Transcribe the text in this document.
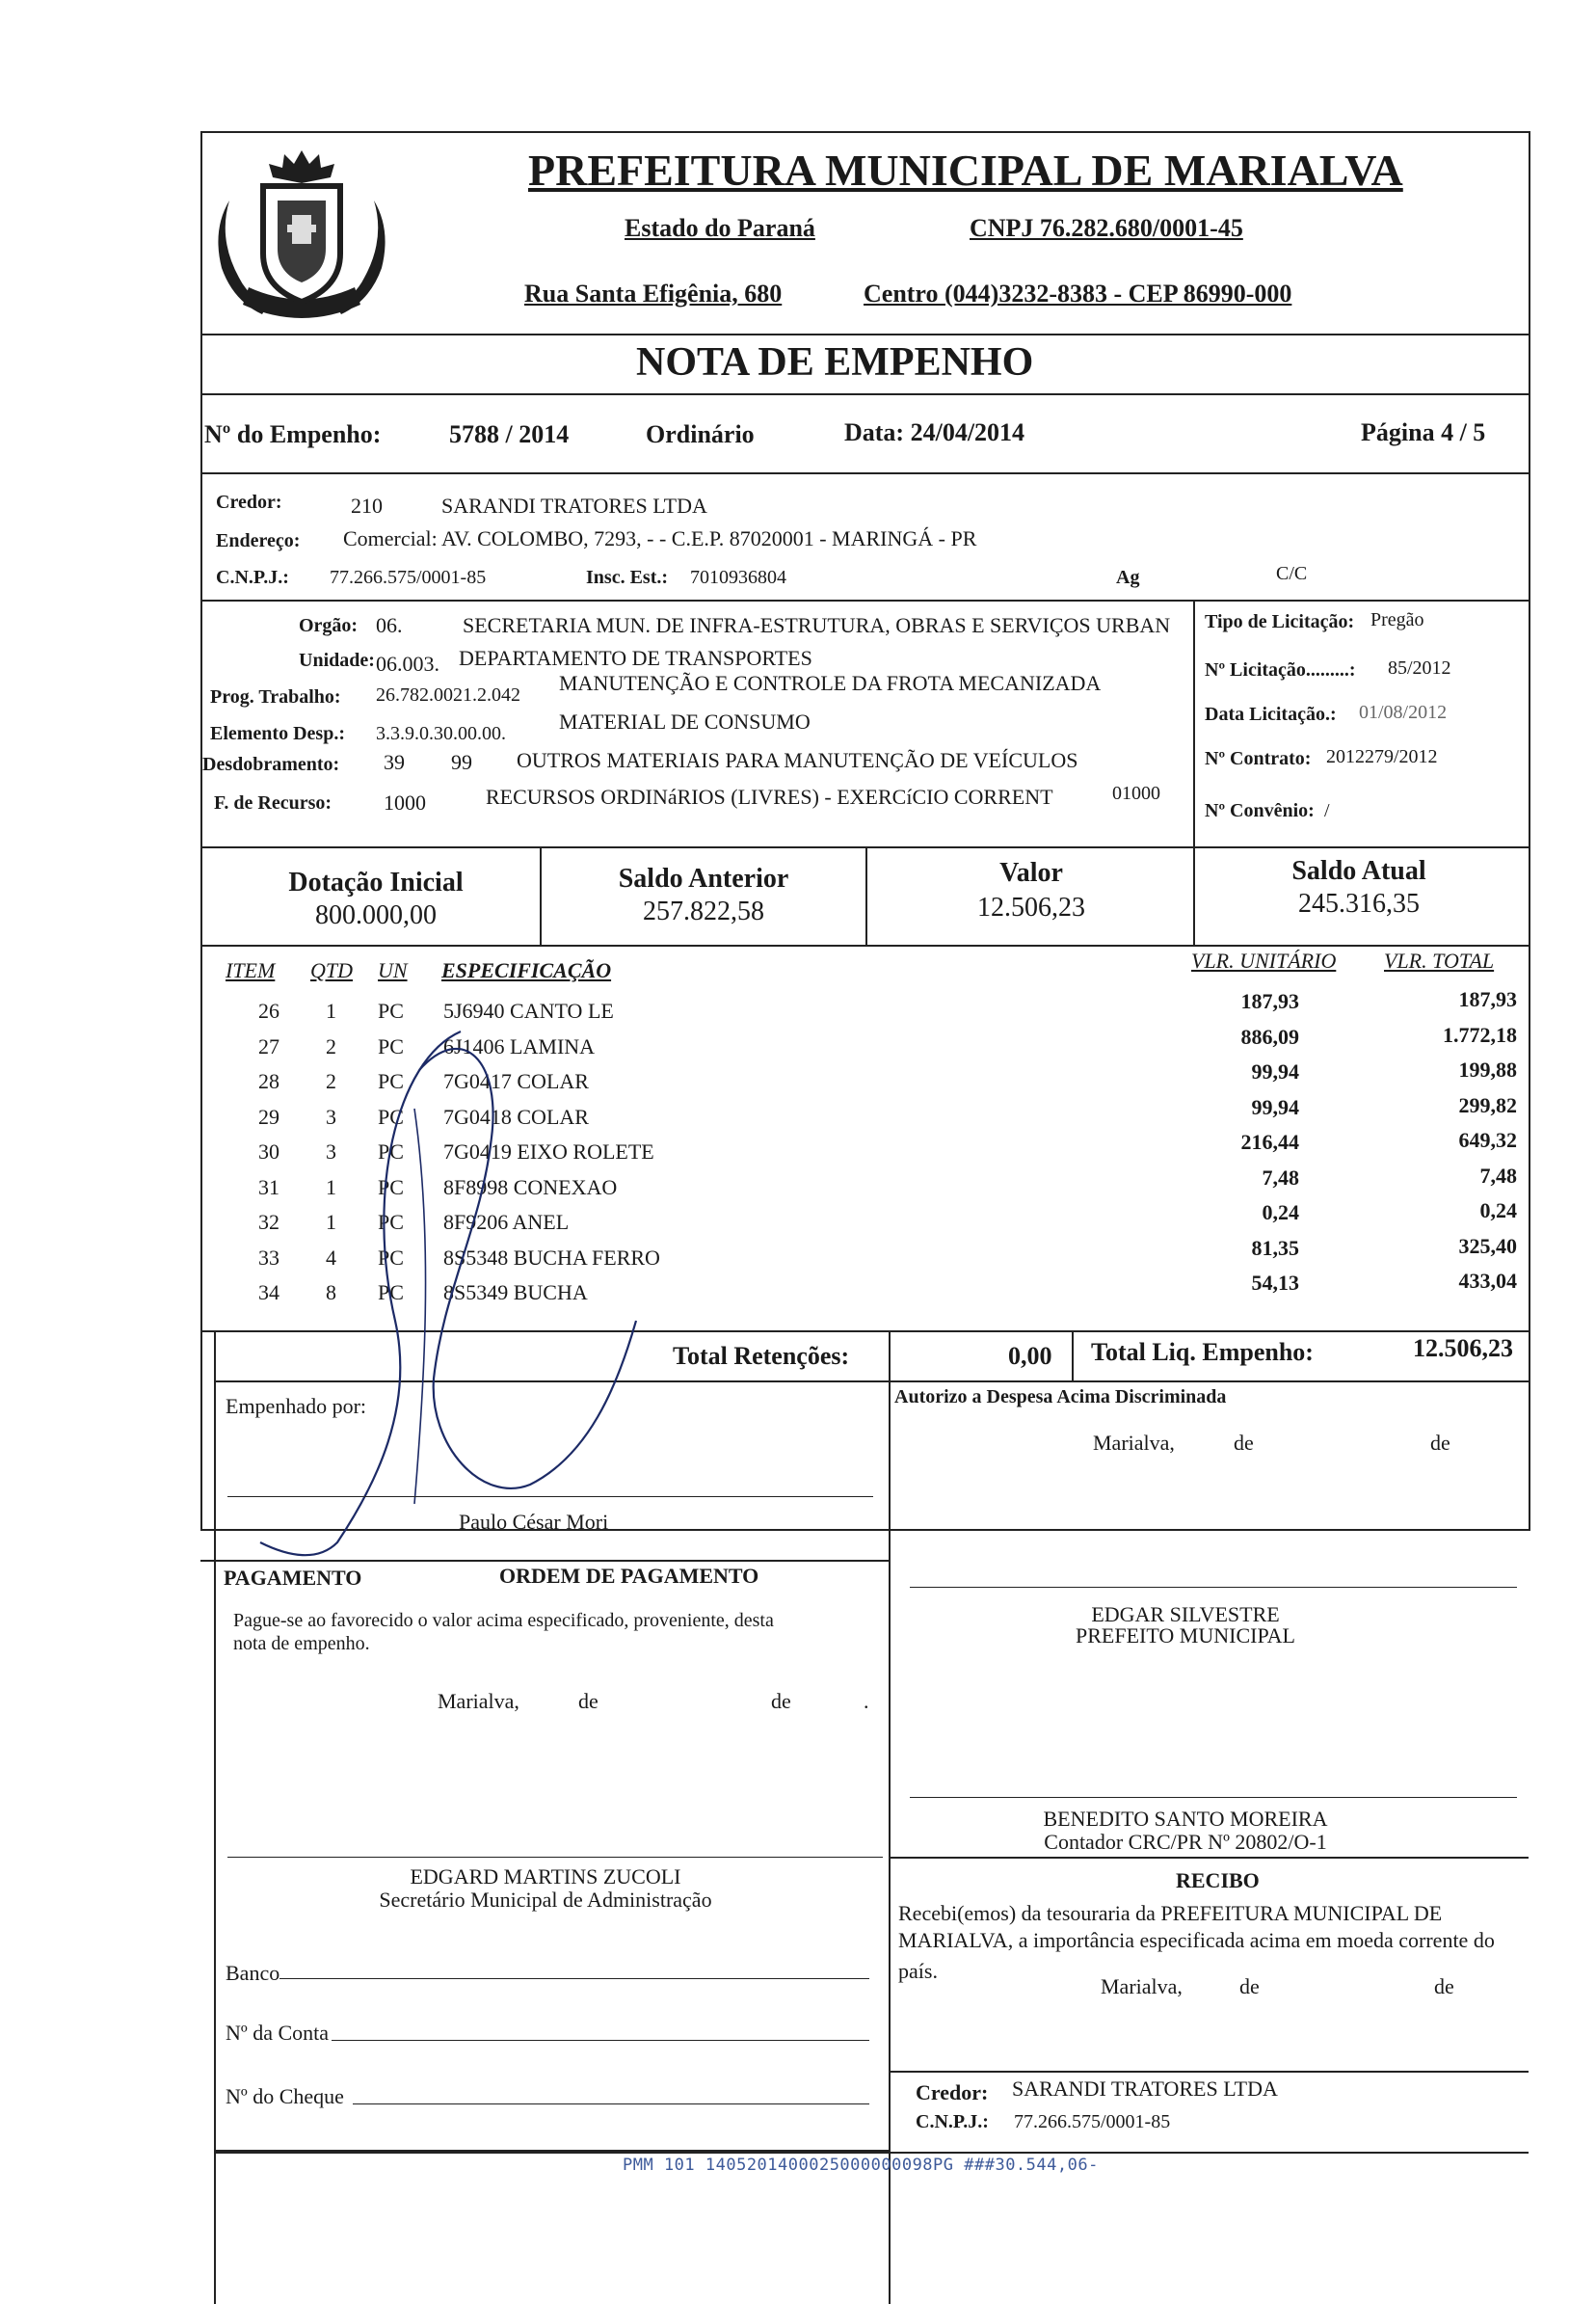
PREFEITURA MUNICIPAL DE MARIALVA
Estado do Paraná	CNPJ 76.282.680/0001-45
Rua Santa Efigênia, 680	Centro (044)3232-8383 - CEP 86990-000
NOTA DE EMPENHO
Nº do Empenho:	5788 / 2014	Ordinário	Data: 24/04/2014	Página 4 / 5
Credor:	210	SARANDI TRATORES LTDA
Endereço: Comercial: AV. COLOMBO, 7293, - - C.E.P. 87020001 - MARINGÁ - PR
C.N.P.J.: 77.266.575/0001-85	Insc. Est.: 7010936804	Ag	C/C
Orgão: 06.	SECRETARIA MUN. DE INFRA-ESTRUTURA, OBRAS E SERVIÇOS URBAN
Unidade: 06.003. DEPARTAMENTO DE TRANSPORTES
Prog. Trabalho: 26.782.0021.2.042 MANUTENÇÃO E CONTROLE DA FROTA MECANIZADA
Elemento Desp.: 3.3.9.0.30.00.00.	MATERIAL DE CONSUMO
Desdobramento: 39 99 OUTROS MATERIAIS PARA MANUTENÇÃO DE VEÍCULOS
F. de Recurso: 1000	RECURSOS ORDINáRIOS (LIVRES) - EXERCíCIO CORRENT	01000
Tipo de Licitação: Pregão
Nº Licitação.........: 85/2012
Data Licitação.: 01/08/2012
Nº Contrato: 2012279/2012
Nº Convênio: /
Dotação Inicial
800.000,00
Saldo Anterior
257.822,58
Valor
12.506,23
Saldo Atual
245.316,35
ITEM QTD UN ESPECIFICAÇÃO	VLR. UNITÁRIO VLR. TOTAL
26 1 PC 5J6940 CANTO LE	187,93	187,93
27 2 PC 6J1406 LAMINA	886,09	1.772,18
28 2 PC 7G0417 COLAR	99,94	199,88
29 3 PC 7G0418 COLAR	99,94	299,82
30 3 PC 7G0419 EIXO ROLETE	216,44	649,32
31 1 PC 8F8998 CONEXAO	7,48	7,48
32 1 PC 8F9206 ANEL	0,24	0,24
33 4 PC 8S5348 BUCHA FERRO	81,35	325,40
34 8 PC 8S5349 BUCHA	54,13	433,04
Total Retenções:	0,00 Total Liq. Empenho:	12.506,23
Empenhado por:
Paulo César Mori
Autorizo a Despesa Acima Discriminada
Marialva,	de	de
EDGAR SILVESTRE
PREFEITO MUNICIPAL
BENEDITO SANTO MOREIRA
Contador CRC/PR Nº 20802/O-1
EDGARD MARTINS ZUCOLI
Secretário Municipal de Administração
PAGAMENTO	ORDEM DE PAGAMENTO
Pague-se ao favorecido o valor acima especificado, proveniente, desta
nota de empenho.
Marialva,	de	de	.
Banco
Nº da Conta
Nº do Cheque
RECIBO
Recebi(emos) da tesouraria da PREFEITURA MUNICIPAL DE
MARIALVA, a importância especificada acima em moeda corrente do
país.
Marialva,	de	de
Credor: SARANDI TRATORES LTDA
C.N.P.J.: 77.266.575/0001-85
PMM 101 1405201400025000000098PG ###30.544,06-
